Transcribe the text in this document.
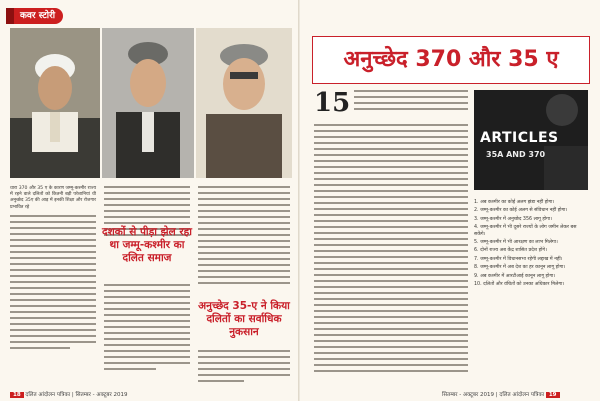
कवर स्टोरी
धारा 370 और 35 ए के कारण जम्मू-कश्मीर राज्य में रहने वाले दलितों को कितनी बड़ी परेशानियां थी अनुच्छेद 35ए की आड़ में इनकी शिक्षा और रोजगार प्रभावित रहे
दशकों से पीड़ा झेल रहा था जम्मू-कश्मीर का दलित समाज
अनुच्छेद 35-ए ने किया दलितों का सर्वाधिक नुकसान
18 दलित आंदोलन पत्रिका | सितम्बर - अक्टूबर 2019
अनुच्छेद 370 और 35 ए
15
ARTICLES
35A AND 370
1. अब कश्मीर का कोई अलग झंडा नहीं होगा।
2. जम्मू-कश्मीर का कोई अलग से संविधान नहीं होगा।
3. जम्मू-कश्मीर में अनुच्छेद 356 लागू होगा।
4. जम्मू-कश्मीर में भी दूसरे राज्यों के लोग जमीन लेकर बस सकेंगे।
5. जम्मू-कश्मीर में भी आरक्षण का लाभ मिलेगा।
6. दोनों राज्य अब केंद्र शासित प्रदेश होंगे।
7. जम्मू-कश्मीर में विधानसभा रहेगी लद्दाख में नहीं।
8. जम्मू-कश्मीर में अब देश का हर कानून लागू होगा।
9. अब कश्मीर में आरटीआई कानून लागू होगा।
10. दलितों और वंचितों को उनका अधिकार मिलेगा।
सितम्बर - अक्टूबर 2019 | दलित आंदोलन पत्रिका 19
